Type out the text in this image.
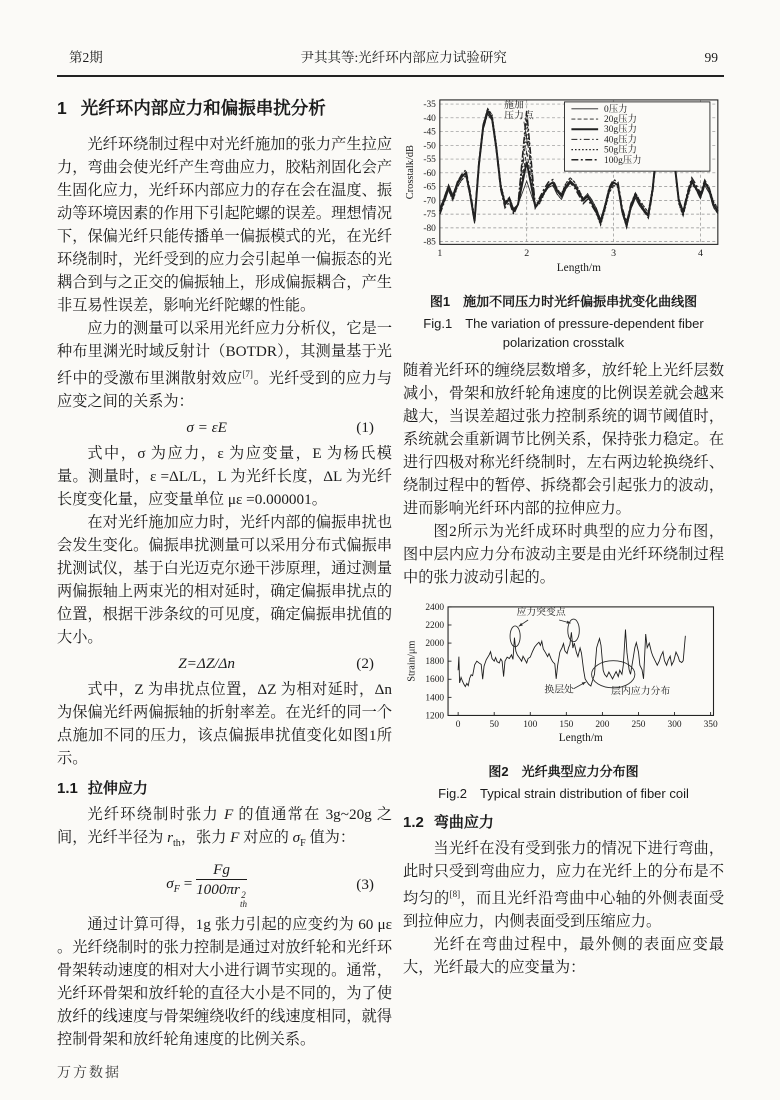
第2期	尹其其等:光纤环内部应力试验研究	99
1 光纤环内部应力和偏振串扰分析

光纤环绕制过程中对光纤施加的张力产生拉应力，弯曲会使光纤产生弯曲应力，胶粘剂固化会产生固化应力，光纤环内部应力的存在会在温度、振动等环境因素的作用下引起陀螺的误差。理想情况下，保偏光纤只能传播单一偏振模式的光，在光纤环绕制时，光纤受到的应力会引起单一偏振态的光耦合到与之正交的偏振轴上，形成偏振耦合，产生非互易性误差，影响光纤陀螺的性能。

应力的测量可以采用光纤应力分析仪，它是一种布里渊光时域反射计（BOTDR），其测量基于光纤中的受激布里渊散射效应[7]。光纤受到的应力与应变之间的关系为：

σ = εE	(1)

式中，σ 为应力，ε 为应变量，E 为杨氏模量。测量时，ε =ΔL/L，L 为光纤长度，ΔL 为光纤长度变化量，应变量单位 με =0.000001。

在对光纤施加应力时，光纤内部的偏振串扰也会发生变化。偏振串扰测量可以采用分布式偏振串扰测试仪，基于白光迈克尔逊干涉原理，通过测量两偏振轴上两束光的相对延时，确定偏振串扰点的位置，根据干涉条纹的可见度，确定偏振串扰值的大小。

Z=ΔZ/Δn	(2)

式中，Z 为串扰点位置，ΔZ 为相对延时，Δn 为保偏光纤两偏振轴的折射率差。在光纤的同一个点施加不同的压力，该点偏振串扰值变化如图1所示。

1.1 拉伸应力

光纤环绕制时张力 F 的值通常在 3g~20g 之间，光纤半径为 $r_{th}$，张力 F 对应的 $\sigma_F$ 值为：

$\sigma_F = Fg$
1000πr 2
th	(3)

通过计算可得，1g 张力引起的应变约为 60 με 。光纤绕制时的张力控制是通过对放纤轮和光纤环骨架转动速度的相对大小进行调节实现的。通常，光纤环骨架和放纤轮的直径大小是不同的，为了使放纤的线速度与骨架缠绕收纤的线速度相同，就得控制骨架和放纤轮角速度的比例关系。

-35
-40
-45
-50
-55
-60
-65
-70
-75
-80
-85
1	2	3	4
0压力
20g压力
30g压力
40g压力
50g压力
100g压力
施加
压力点
Length/m
Crosstalk/dB
图1　施加不同压力时光纤偏振串扰变化曲线图
Fig.1　The variation of pressure-dependent fiber
polarization crosstalk

随着光纤环的缠绕层数增多，放纤轮上光纤层数减小，骨架和放纤轮角速度的比例误差就会越来越大，当误差超过张力控制系统的调节阈值时，系统就会重新调节比例关系，保持张力稳定。在进行四极对称光纤绕制时，左右两边轮换绕纤、绕制过程中的暂停、拆绕都会引起张力的波动，进而影响光纤环内部的拉伸应力。

图2所示为光纤成环时典型的应力分布图，图中层内应力分布波动主要是由光纤环绕制过程中的张力波动引起的。

1200
1400
1600
1800
2000
2200
2400
0	50	100 150 200 250 300 350
应力突变点
换层处	层内应力分布
Length/m
Strain/μm
图2　光纤典型应力分布图
Fig.2　Typical strain distribution of fiber coil
1.2 弯曲应力

当光纤在没有受到张力的情况下进行弯曲，此时只受到弯曲应力，应力在光纤上的分布是不均匀的[8]，而且光纤沿弯曲中心轴的外侧表面受到拉伸应力，内侧表面受到压缩应力。

光纤在弯曲过程中，最外侧的表面应变最大，光纤最大的应变量为：

万方数据
